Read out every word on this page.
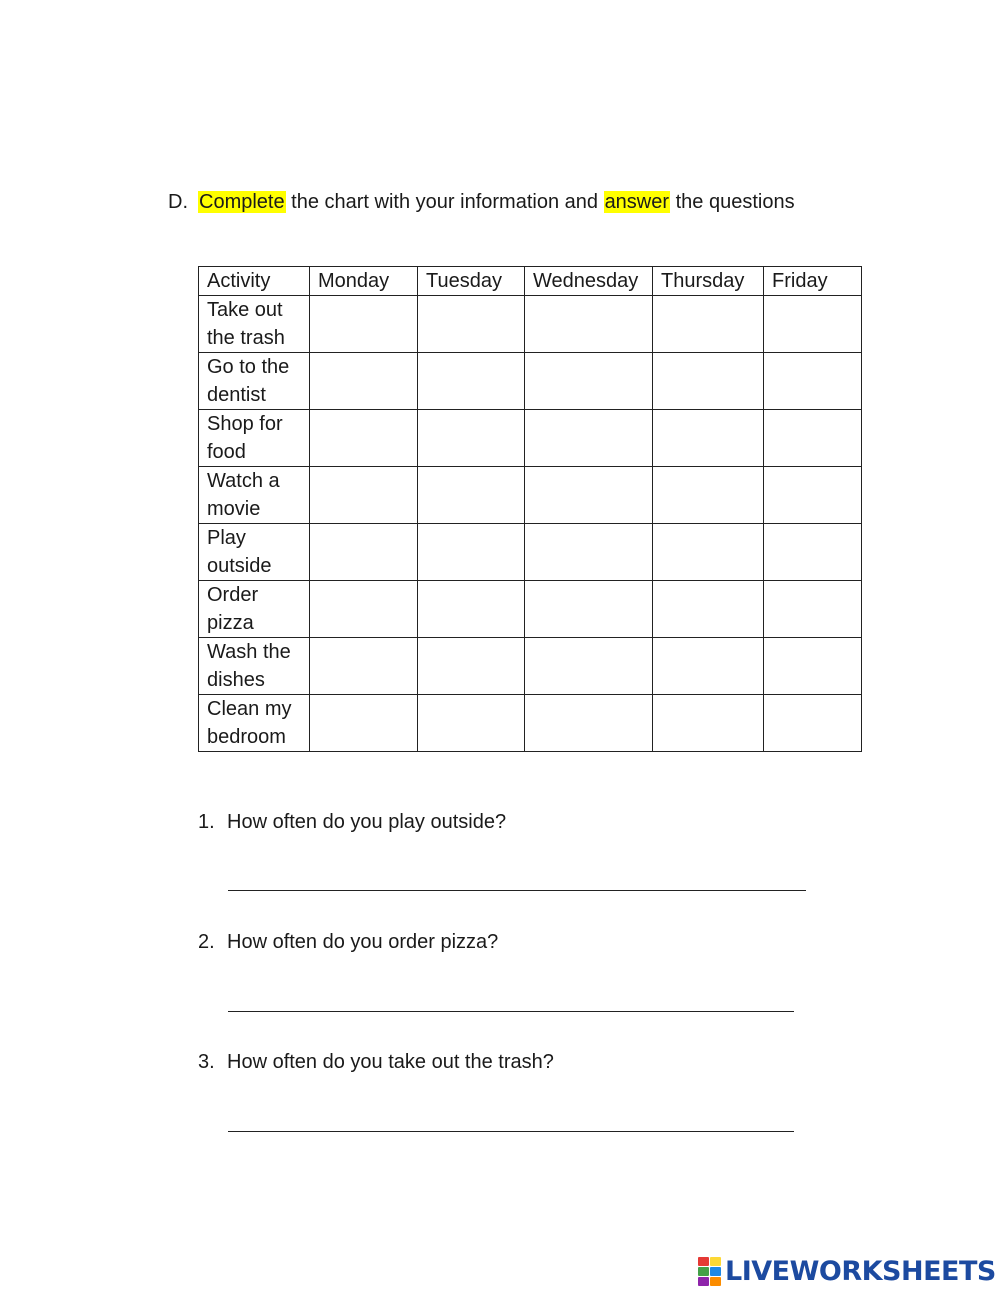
D. Complete the chart with your information and answer the questions
Activity	Monday	Tuesday	Wednesday	Thursday	Friday

Take out
the trash					

Go to the
dentist					

Shop for
food					

Watch a
movie					

Play
outside					

Order
pizza					

Wash the
dishes					

Clean my
bedroom					

1. How often do you play outside?
2. How often do you order pizza?
3. How often do you take out the trash?
LIVEWORKSHEETS
